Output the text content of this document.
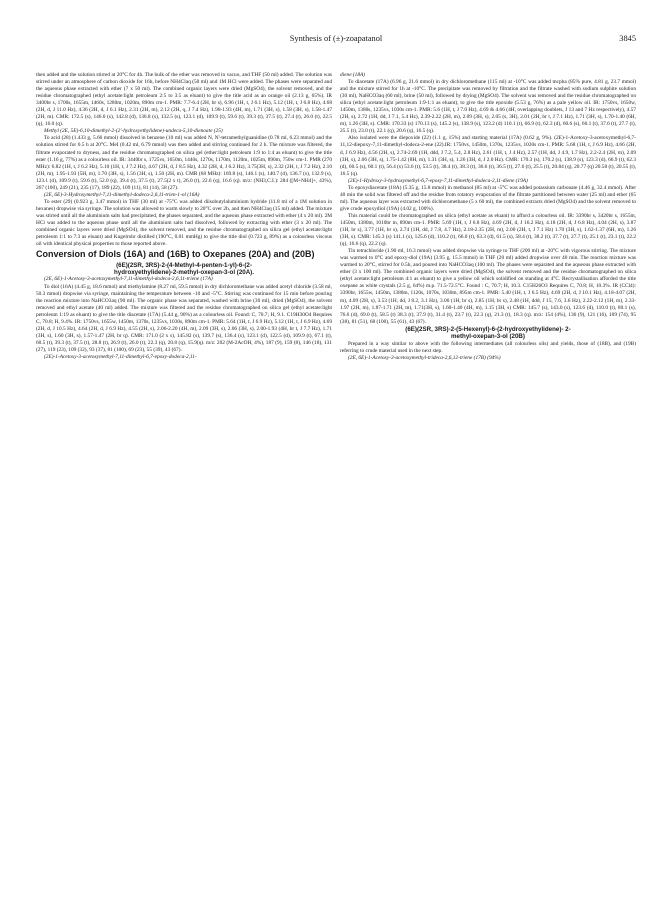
Synthesis of (±)-zoapatanol	3845

then added and the solution stirred at 20°C for 4h. The bulk of the ether was removed in vacuo, and THF (50 ml) added. The solution was stirred under an atmosphere of carbon dioxide for 16h, before NH4Claq (50 ml) and 1M HCl were added. The phases were separated and the aqueous phase extracted with ether (7 x 50 ml). The combined organic layers were dried (MgSO4), the solvent removed, and the residue chromatographed (ethyl acetate:light petroleum 2:5 to 3:5 as eluant) to give the title acid as an orange oil (2.13 g, 65%). IR 3400br s, 1700s, 1655m, 1460s, 1280m, 1020m, 890m cm-1. PMR: 7.7-6.4 (2H, br s), 6.96 (1H, t, J 6.1 Hz), 5.12 (1H, t, J 6.8 Hz), 4.68 (2H, d, J 11.0 Hz), 4.36 (2H, d, J 6.1 Hz), 2.31 (2H, m), 2.12 (2H, q, J 7.4 Hz), 1.98-1.93 (4H, m), 1.71 (3H, s), 1.58 (3H, s), 1.58-1.47 (2H, m). CMR: 172.5 (s), 146.0 (s), 142.8 (d), 136.8 (s), 132.5 (s), 123.1 (d), 109.9 (t), 59.6 (t), 39.3 (t), 37.5 (t), 27.4 (t), 26.0 (t), 22.5 (q), 16.0 (q).

Methyl (2E, 5E)-6,10-dimethyl-2-(2'-hydroxyethylidene)-undeca-5,10-dienoate (25)

To acid (28) (1.433 g, 5.66 mmol) dissolved in benzene (10 ml) was added N, N'-tetramethylguanidine (0.78 ml, 6.23 mmol) and the solution stirred for 0.5 h at 20°C. MeI (0.42 ml, 6.79 mmol) was then added and stirring continued for 2 h. The mixture was filtered, the filtrate evaporated to dryness, and the residue chromatographed on silica gel (ether:light petroleum 1:9 to 1:4 as eluant) to give the title ester (1.16 g, 77%) as a colourless oil. IR: 3440br s, 1725vs, 1650m, 1440s, 1270s, 1170m, 1120m, 1025m, 890m, 750w cm-1. PMR (270 MHz): 6.82 (1H, t, J 6.2 Hz), 5.10 (1H, t, J 7.2 Hz), 4.67 (2H, d, J 8.5 Hz), 4.32 (2H, d, J 6.2 Hz), 3.75(3H, s), 2.32 (2H, t, J 7.2 Hz), 2.10 (2H, m), 1.95-1.93 (5H, m), 1.70 (3H, s), 1.56 (3H, s), 1.50 (2H, m). CMR (68 MHz): 169.8 (s), 146.1 (s), 140.7 (d), 136.7 (s), 132.9 (s), 123.1 (d), 109.9 (t), 59.6 (t), 52.0 (q), 39.4 (t), 37.5 (t), 27.5(2 x t), 26.0 (t), 22.6 (q), 16.6 (q). m/z: (NH3,C.I.): 284 ([M+NH4]+, 43%), 267 (100), 249 (21), 235 (17), 189 (22), 109 (11), 81 (14), 58 (27).

(2E, 6E)-3-Hydroxymethyl-7,11-dimethyl-dodeca-2,6,11-trien-1-ol (16A)

To ester (29) (0.923 g, 3.47 mmol) in THF (30 ml) at -75°C was added diisobutylaluminium hydride (11.8 ml of a 1M solution in hexanes) dropwise via syringe. The solution was allowed to warm slowly to 20°C over 2h, and then NH4Claq (15 ml) added. The mixture was stirred until all the aluminium salts had precipitated, the phases separated, and the aqueous phase extracted with ether (4 x 20 ml). 2M HCl was added to the aqueous phase until all the aluminium salts had dissolved, followed by extracting with ether (3 x 20 ml). The combined organic layers were dried (MgSO4), the solvent removed, and the residue chromatographed on silica gel (ethyl acetate:light petroleum 1:1 to 7:3 as eluant) and Kugelrohr distilled (190°C, 0.01 mmHg) to give the title diol (0.723 g, 89%) as a colourless viscous oil with identical physical properties to those reported above.

Conversion of Diols (16A) and (16B) to Oxepanes (20A) and (20B)
(6E)(2SR, 3RS)-2-(4-Methyl-4-penten-1-yl)-6-(2-
hydroxyethylidene)-2-methyl-oxepan-3-ol (20A).

(2E, 6E)-1-Acetoxy-3-acetoxymethyl-7,11-dimethyl-dodeca-2,6,11-triene (17A)

To diol (16A) (4.45 g, 18.6 mmol) and triethylamine (8.27 ml, 59.5 mmol) in dry dichloromethane was added acetyl chloride (3.58 ml, 50.3 mmol) dropwise via syringe, maintaining the temperature between -10 and -5°C. Stirring was continued for 15 min before pouring the reaction mixture into NaHCO3aq (90 ml). The organic phase was separated, washed with brine (30 ml), dried (MgSO4), the solvent removed and ethyl acetate (40 ml) added. The mixture was filtered and the residue chromatographed on silica gel (ethyl acetate:light petroleum 1:19 as eluant) to give the title diacetate (17A) (5.44 g, 90%) as a colourless oil. Found: C, 70.7; H, 9.1. C19H30O4 Requires C, 70.8; H, 9.4%. IR: 1750vs, 1655w, 1450m, 1370s, 1235vs, 1030s, 890m cm-1. PMR: 5.64 (1H, t, J 6.9 Hz), 5.12 (1H, t, J 6.9 Hz), 4.69 (2H, d, J 10.5 Hz), 4.64 (2H, d, J 6.9 Hz), 4.55 (2H, s), 2.06-2.20 (4H, m), 2.09 (3H, s), 2.06 (3H, s), 2.00-1.93 (4H, br t, J 7.7 Hz), 1.71 (3H, s), 1.60 (3H, s), 1.57-1.47 (2H, br q). CMR: 171.0 (2 x s), 145.82 (s), 139.7 (s), 136.4 (s), 123.1 (d), 122.5 (d), 109.9 (t), 67.1 (t), 60.5 (t), 39.3 (t), 37.5 (t), 28.8 (t), 26.9 (t), 26.0 (t), 22.3 (q), 20.8 (q), 15.9(q). m/z: 202 (M-2AcOH, 4%), 187 (9), 159 (8), 146 (18), 131 (27), 119 (23), 109 (32), 93 (37), 81 (100), 69 (23), 55 (39), 43 (67).

(2E)-1-Acetoxy-3-acetoxymethyl-7,11-dimethyl-6,7-epoxy-dodeca-2,11-

diene (18A)

To diacetate (17A) (6.96 g, 21.6 mmol) in dry dichloromethane (115 ml) at -10°C was added mcpba (85% pure, 4.81 g, 23.7 mmol) and the mixture stirred for 1h at -10°C. The precipitate was removed by filtration and the filtrate washed with sodium sulphite solution (30 ml), NaHCO3aq (60 ml), brine (50 ml), followed by drying (MgSO4). The solvent was removed and the residue chromatographed on silica (ethyl acetate:light petroleum 1:9-1:1 as eluant), to give the title epoxide (5.53 g, 76%) as a pale yellow oil. IR: 1750vs, 1650w, 1450m, 1380s, 1235vs, 1030s cm-1. PMR: 5.6 (1H, t, J 7.0 Hz), 4.69 & 4.66 (4H, overlapping doublets, J 13 and 7 Hz respectively), 4.57 (2H, s), 2.72 (1H, dd, J 7.1, 5.4 Hz), 2.39-2.22 (2H, m), 2.09 (3H, s), 2.05 (s, 3H), 2.01 (2H, br t, J 7.1 Hz), 1.71 (3H, s), 1.70-1.40 (6H, m), 1.26 (3H, s). CMR: 170.33 (s) 170.13 (s), 145.2 (s), 138.9 (s), 123.2 (d) 110.1 (t), 66.9 (t), 62.3 (d), 60.6 (s), 60.1 (t), 37.6 (t), 27.7 (t), 25.5 (t), 23.0 (t), 22.1 (q), 20.6 (q), 16.5 (q).

Also isolated were the diepoxide (22) (1.1 g, 15%) and starting material (17A) (0.62 g, 9%). (2E)-1-Acetoxy-3-acetoxymethyl-6,7-11,12-diepoxy-7,11-dimethyl-dodeca-2-ene (22).IR: 1750vs, 1450m, 1370s, 1235vs, 1030s cm-1. PMR: 5.68 (1H, t, J 6.9 Hz), 4.66 (2H, d, J 6.9 Hz), 4.56 (2H, s), 2.74-2.69 (1H, ddd, J 7.2, 5.4, 2.8 Hz), 2.61 (1H, t, J 4 Hz), 2.57 (1H, dd, J 4.9, 1.7 Hz), 2.2-2.4 (2H, m), 2.09 (3H, s), 2.06 (3H, s), 1.75-1.42 (8H, m), 1.31 (3H, s), 1.26 (3H, d, J 2.0 Hz). CMR: 170.3 (s), 170.2 (s), 138.9 (s), 123.3 (d), 66.9 (t), 62.3 (d), 60.5 (s), 60.1 (t), 56.4 (s) 53.6 (t), 53.5 (t), 38.4 (t), 38.3 (t), 36.6 (t), 36.5 (t), 27.6 (t), 25.5 (t), 20.84 (q), 20.77 (q) 20.58 (t), 20.55 (t), 16.5 (q).

(2E)-1-Hydroxy-3-hydroxymethyl-6,7-epoxy-7,11-dimethyl-dodeca-2,11-diene (19A)

To epoxydiacetate (18A) (5.35 g, 15.8 mmol) in methanol (85 ml) at -5°C was added potassium carbonate (4.46 g, 32.4 mmol). After 40 min the solid was filtered off and the residue from rotatory evaporation of the filtrate partitioned between water (25 ml) and ether (65 ml). The aqueous layer was extracted with dichloromethane (5 x 60 ml), the combined extracts dried (MgSO4) and the solvent removed to give crude epoxydiol (19A) (4.02 g, 100%).

This material could be chromatographed on silica (ethyl acetate as eluant) to afford a colourless oil. IR: 3390br s, 3420br s, 1655m, 1450m, 1380m, 1010br m, 890m cm-1. PMR: 5.69 (1H, t, J 6.8 Hz), 4.69 (2H, d, J 16.2 Hz), 4.18 (2H, d, J 6.8 Hz), 4.04 (2H, s), 3.87 (1H, br s), 3.77 (1H, br s), 2.74 (1H, dd, J 7.8, 4.7 Hz), 2.18-2.35 (2H, m), 2.00 (2H, t, J 7.1 Hz) 1.70 (3H, s), 1.62-1.37 (6H, m), 1.26 (3H, s). CMR: 145.3 (s) 141.1 (s), 125.6 (d), 110.2 (t), 66.0 (t), 63.3 (d), 61.5 (s), 58.4 (t), 38.2 (t), 37.7 (t), 27.7 (t), 25.1 (t), 23.1 (t), 22.2 (q), 16.6 (q), 22.2 (q).

Tin tetrachloride (1.90 ml, 16.3 mmol) was added dropwise via syringe to THF (200 ml) at -20°C with vigorous stirring. The mixture was warmed to 0°C and epoxy-diol (19A) (3.95 g, 15.5 mmol) in THF (20 ml) added dropwise over 40 min. The reaction mixture was warmed to 20°C, stirred for 0.5h, and poured into NaHCO3aq (100 ml). The phases were separated and the aqueous phase extracted with ether (3 x 100 ml). The combined organic layers were dried (MgSO4), the solvent removed and the residue chromatographed on silica (ethyl acetate:light petroleum 4:1 as eluant) to give a yellow oil which solidified on standing at 4°C. Recrystallisation afforded the title oxepane as white crystals (2.5 g, 64%) m.p. 71.5-72.5°C. Found : C, 70.7; H, 10.3. C15H26O3 Requires C, 70.8; H, 10.3%. IR (CCl4): 3390br, 1655w, 1450m, 1380m, 1120s, 1070s, 1030m, 895m cm-1. PMR: 5.40 (1H, t, J 6.5 Hz), 4.69 (2H, d, J 10.1 Hz), 4.18-4.07 (2H, m), 4.09 (2H, s), 3.53 (1H, dd, J 8.2, 3.1 Hz), 3.00 (1H, br s), 2.85 (1H, br s), 2.48 (1H, ddd, J 15, 7.6, 3.6 Hz), 2.22-2.12 (1H, m), 2.33-1.97 (2H, m), 1.87-1.71 (2H, m), 1.71(3H, s), 1.60-1.40 (4H, m), 1.15 (3H, s) CMR: 145.7 (s), 143.0 (s), 123.6 (d), 110.0 (t), 80.1 (s), 76.6 (d), 69.0 (t), 58.5 (t) 38.3 (t), 37.9 (t), 31.4 (t), 23.7 (t), 22.3 (q), 21.3 (t), 18.3 (q). m/z: 154 (4%), 136 (9), 121 (16), 109 (74), 95 (38), 81 (51), 68 (100), 55 (61), 43 (67).

(6E)(2SR, 3RS)-2-(5-Hexenyl)-6-(2-hydroxyethylidene)- 2-
methyl-oxepan-3-ol (20B)

Prepared in a way similar to above with the following intermediates (all colourless oils) and yields, those of (18B), and (19B) referring to crude material used in the next step.

(2E, 6E)-1-Acetoxy-3-acetoxymethyl-trideca-2,6,12-triene (17B) (94%)
